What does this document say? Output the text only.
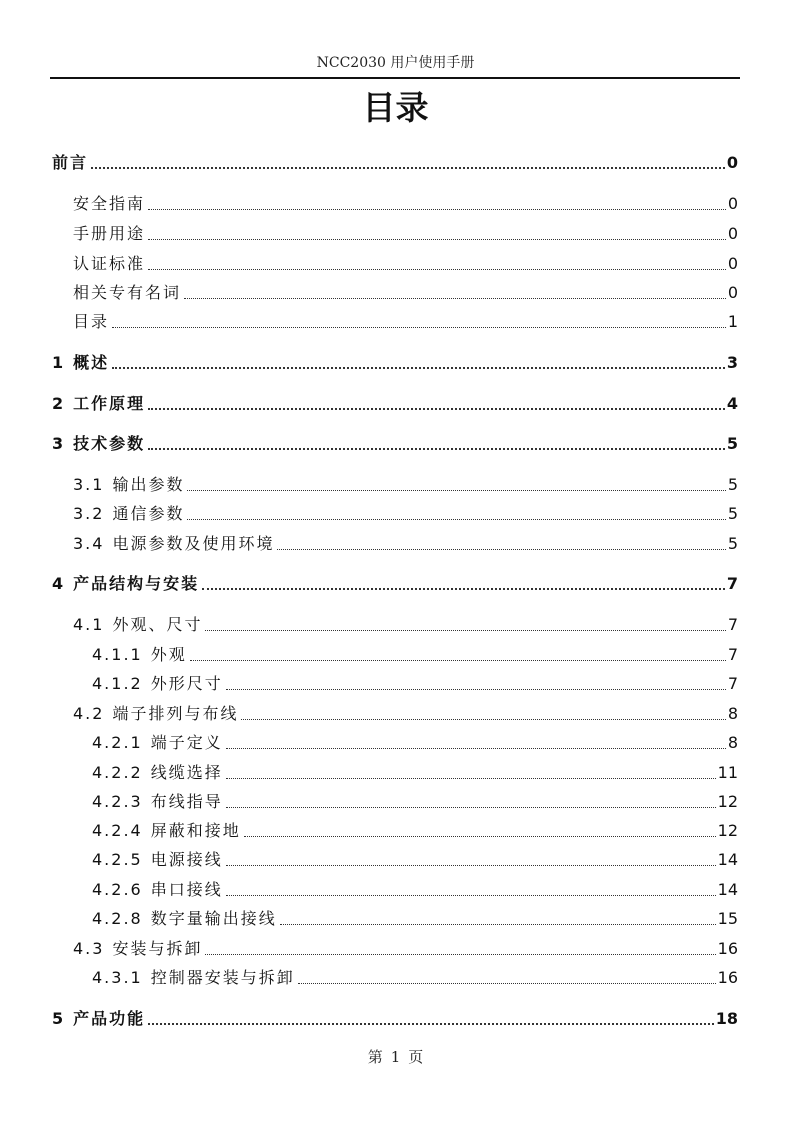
NCC2030 用户使用手册
目录
前言	0
安全指南	0
手册用途	0
认证标准	0
相关专有名词	0
目录	1
1 概述	3
2 工作原理	4
3 技术参数	5
3.1 输出参数	5
3.2 通信参数	5
3.4 电源参数及使用环境	5
4 产品结构与安装	7
4.1 外观、尺寸	7
4.1.1 外观	7
4.1.2 外形尺寸	7
4.2 端子排列与布线	8
4.2.1 端子定义	8
4.2.2 线缆选择	11
4.2.3 布线指导	12
4.2.4 屏蔽和接地	12
4.2.5 电源接线	14
4.2.6 串口接线	14
4.2.8 数字量输出接线	15
4.3 安装与拆卸	16
4.3.1 控制器安装与拆卸	16
5 产品功能	18
第 1 页
